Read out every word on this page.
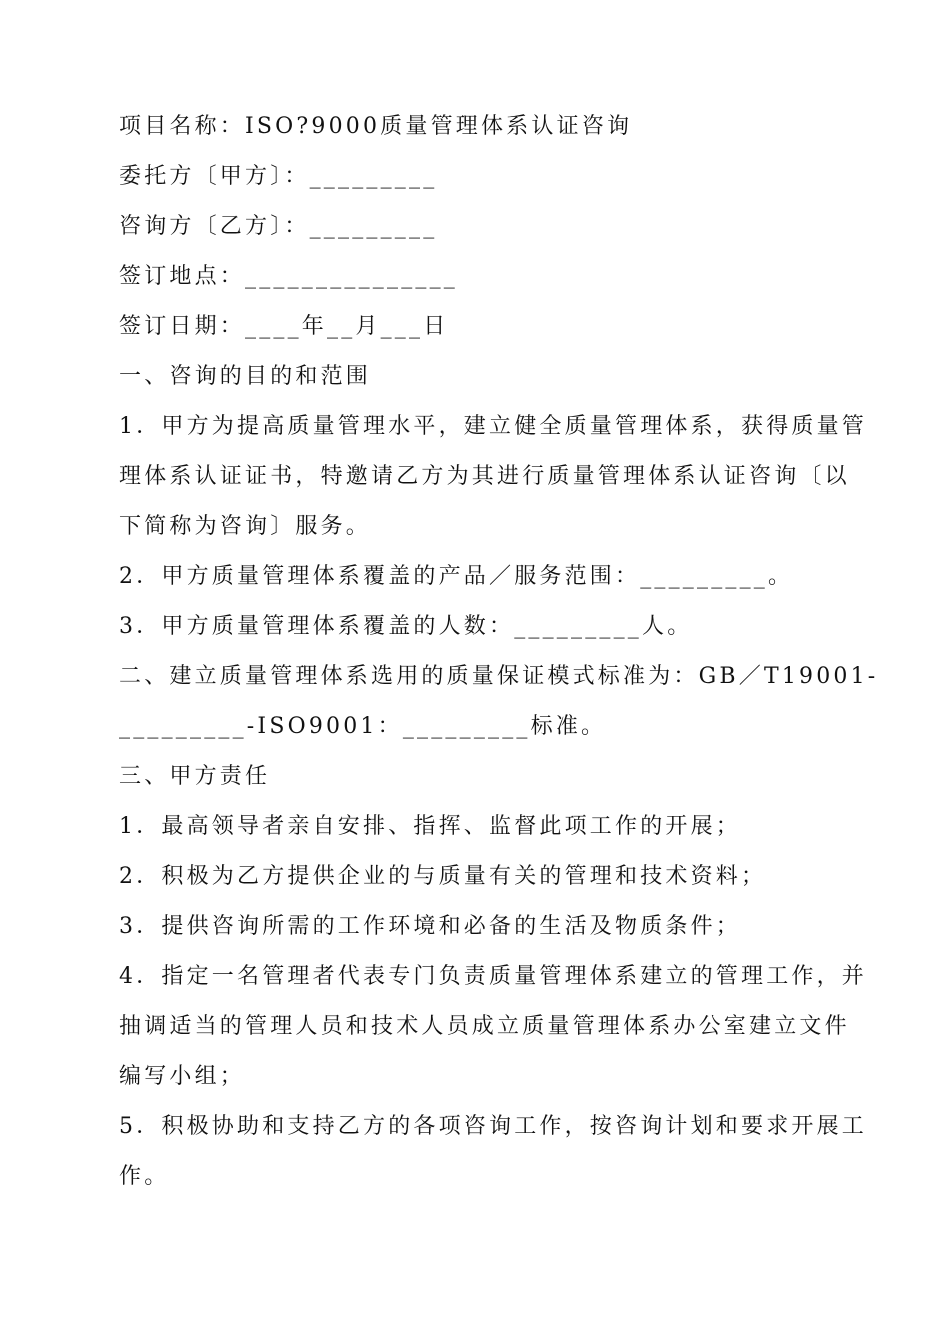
项目名称：ISO?9000质量管理体系认证咨询
委托方〔甲方〕：_________
咨询方〔乙方〕：_________
签订地点：_______________
签订日期：____年__月___日
一、咨询的目的和范围
1．甲方为提高质量管理水平，建立健全质量管理体系，获得质量管
理体系认证证书，特邀请乙方为其进行质量管理体系认证咨询〔以
下简称为咨询〕服务。
2．甲方质量管理体系覆盖的产品／服务范围：_________。
3．甲方质量管理体系覆盖的人数：_________人。
二、建立质量管理体系选用的质量保证模式标准为：GB／T19001-
_________-ISO9001：_________标准。
三、甲方责任
1．最高领导者亲自安排、指挥、监督此项工作的开展；
2．积极为乙方提供企业的与质量有关的管理和技术资料；
3．提供咨询所需的工作环境和必备的生活及物质条件；
4．指定一名管理者代表专门负责质量管理体系建立的管理工作，并
抽调适当的管理人员和技术人员成立质量管理体系办公室建立文件
编写小组；
5．积极协助和支持乙方的各项咨询工作，按咨询计划和要求开展工
作。
